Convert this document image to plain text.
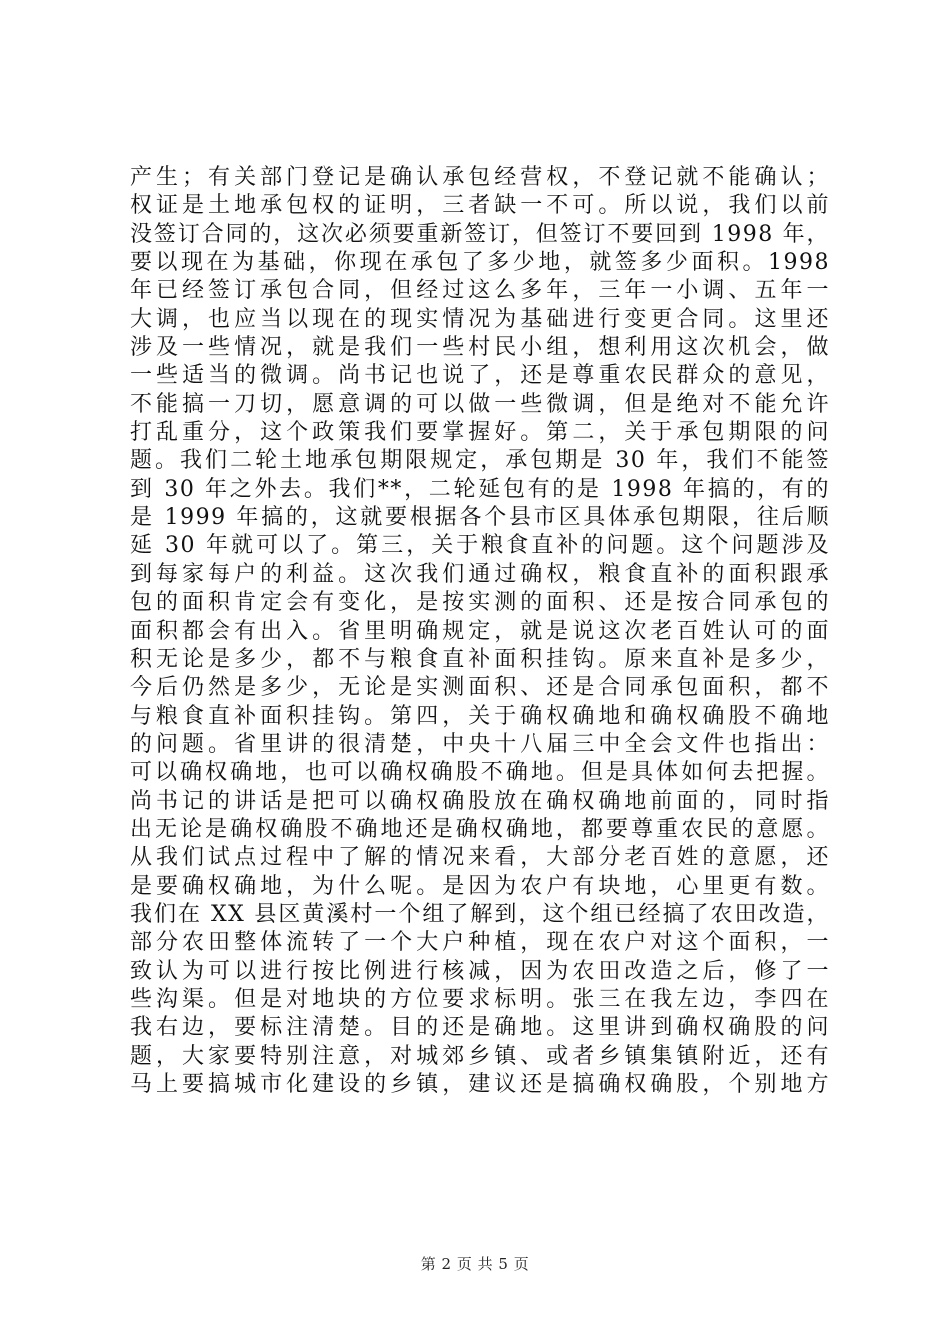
产生；有关部门登记是确认承包经营权，不登记就不能确认；
权证是土地承包权的证明，三者缺一不可。所以说，我们以前
没签订合同的，这次必须要重新签订，但签订不要回到 1998 年，
要以现在为基础，你现在承包了多少地，就签多少面积。1998
年已经签订承包合同，但经过这么多年，三年一小调、五年一
大调，也应当以现在的现实情况为基础进行变更合同。这里还
涉及一些情况，就是我们一些村民小组，想利用这次机会，做
一些适当的微调。尚书记也说了，还是尊重农民群众的意见，
不能搞一刀切，愿意调的可以做一些微调，但是绝对不能允许
打乱重分，这个政策我们要掌握好。第二，关于承包期限的问
题。我们二轮土地承包期限规定，承包期是 30 年，我们不能签
到 30 年之外去。我们**，二轮延包有的是 1998 年搞的，有的
是 1999 年搞的，这就要根据各个县市区具体承包期限，往后顺
延 30 年就可以了。第三，关于粮食直补的问题。这个问题涉及
到每家每户的利益。这次我们通过确权，粮食直补的面积跟承
包的面积肯定会有变化，是按实测的面积、还是按合同承包的
面积都会有出入。省里明确规定，就是说这次老百姓认可的面
积无论是多少，都不与粮食直补面积挂钩。原来直补是多少，
今后仍然是多少，无论是实测面积、还是合同承包面积，都不
与粮食直补面积挂钩。第四，关于确权确地和确权确股不确地
的问题。省里讲的很清楚，中央十八届三中全会文件也指出：
可以确权确地，也可以确权确股不确地。但是具体如何去把握。
尚书记的讲话是把可以确权确股放在确权确地前面的，同时指
出无论是确权确股不确地还是确权确地，都要尊重农民的意愿。
从我们试点过程中了解的情况来看，大部分老百姓的意愿，还
是要确权确地，为什么呢。是因为农户有块地，心里更有数。
我们在 XX 县区黄溪村一个组了解到，这个组已经搞了农田改造，
部分农田整体流转了一个大户种植，现在农户对这个面积，一
致认为可以进行按比例进行核减，因为农田改造之后，修了一
些沟渠。但是对地块的方位要求标明。张三在我左边，李四在
我右边，要标注清楚。目的还是确地。这里讲到确权确股的问
题，大家要特别注意，对城郊乡镇、或者乡镇集镇附近，还有
马上要搞城市化建设的乡镇，建议还是搞确权确股，个别地方
第 2 页 共 5 页
